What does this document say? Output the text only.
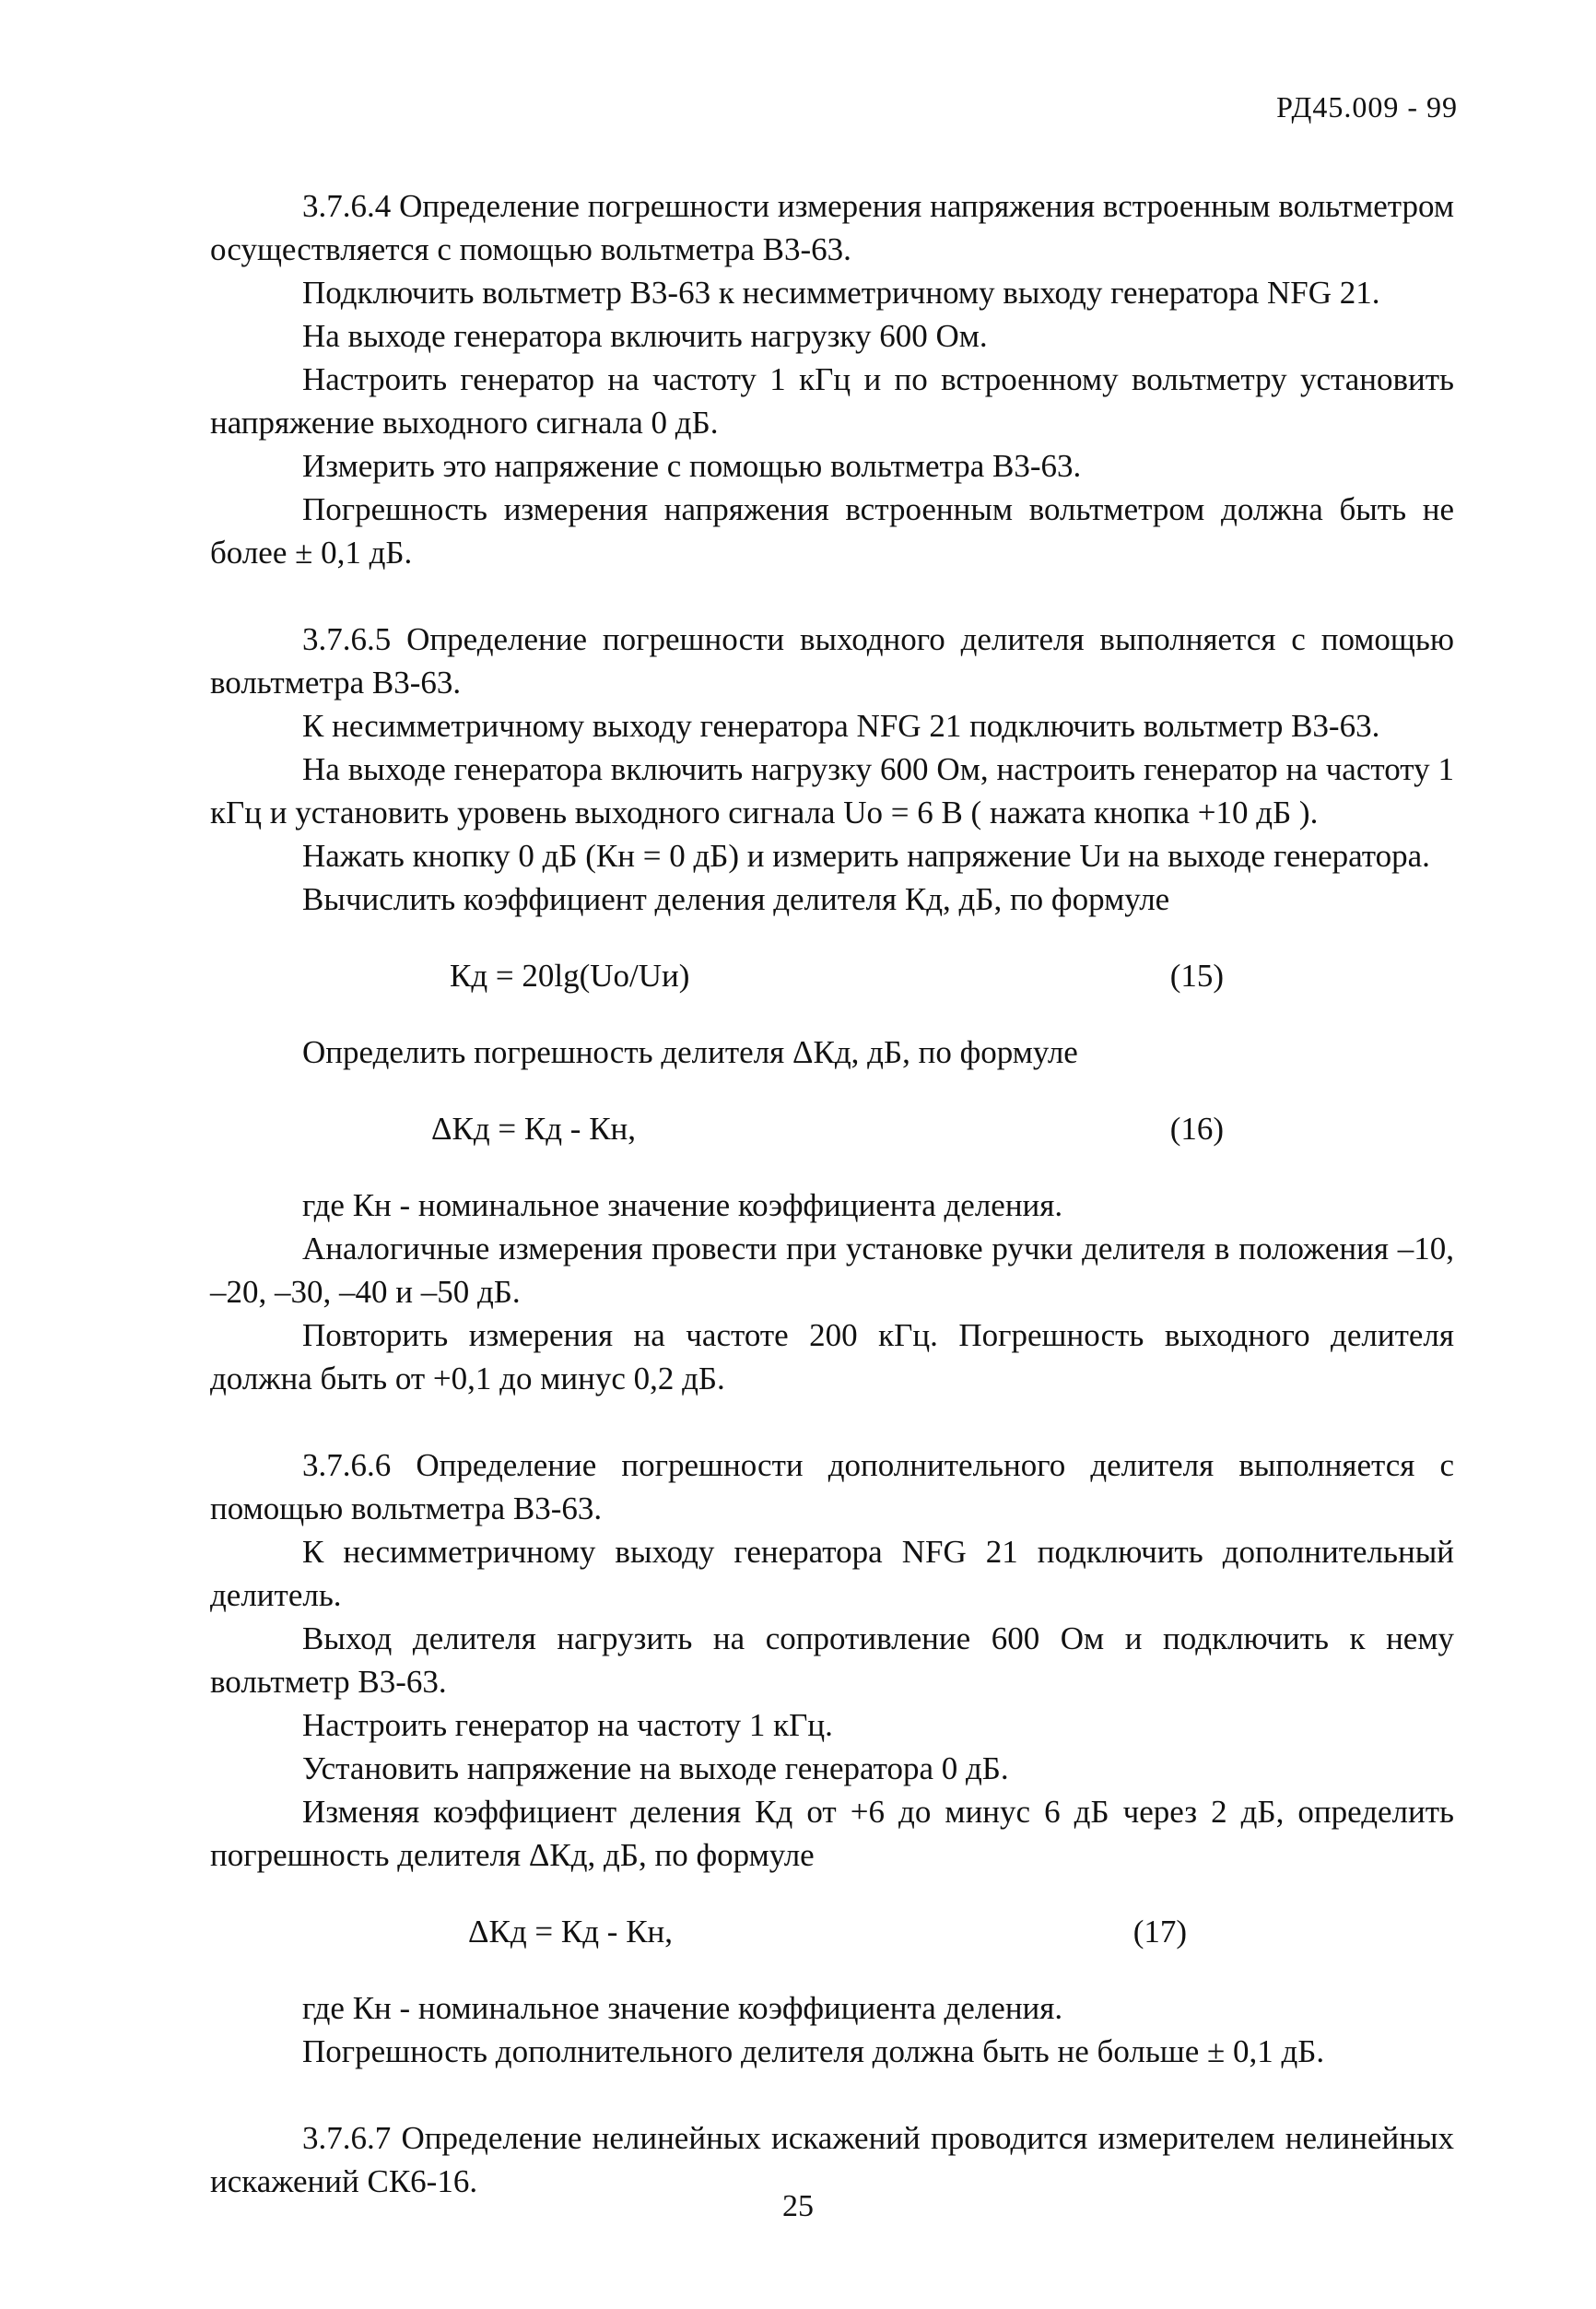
РД45.009 - 99

3.7.6.4 Определение погрешности измерения напряжения встроенным вольтметром осуществляется с помощью вольтметра В3-63.

Подключить вольтметр В3-63 к несимметричному выходу генератора NFG 21.

На выходе генератора включить нагрузку 600 Ом.

Настроить генератор на частоту 1 кГц и по встроенному вольтметру установить напряжение выходного сигнала 0 дБ.

Измерить это напряжение с помощью вольтметра В3-63.

Погрешность измерения напряжения встроенным вольтметром должна быть не более ± 0,1 дБ.

3.7.6.5 Определение погрешности выходного делителя выполняется с помощью вольтметра В3-63.

К несимметричному выходу генератора NFG 21 подключить вольтметр В3-63.

На выходе генератора включить нагрузку 600 Ом, настроить генератор на частоту 1 кГц и установить уровень выходного сигнала Uо = 6 В ( нажата кнопка +10 дБ ).

Нажать кнопку 0 дБ (Кн = 0 дБ) и измерить напряжение Uи на выходе генератора.

Вычислить коэффициент деления делителя Кд, дБ, по формуле

Кд = 20lg(Uо/Uи)	(15)

Определить погрешность делителя ΔКд, дБ, по формуле

ΔКд = Кд - Кн,	(16)

где Кн - номинальное значение коэффициента деления.

Аналогичные измерения провести при установке ручки делителя в положения –10, –20, –30, –40 и –50 дБ.

Повторить измерения на частоте 200 кГц. Погрешность выходного делителя должна быть от +0,1 до минус 0,2 дБ.

3.7.6.6 Определение погрешности дополнительного делителя выполняется с помощью вольтметра В3-63.

К несимметричному выходу генератора NFG 21 подключить дополнительный делитель.

Выход делителя нагрузить на сопротивление 600 Ом и подключить к нему вольтметр В3-63.

Настроить генератор на частоту 1 кГц.

Установить напряжение на выходе генератора 0 дБ.

Изменяя коэффициент деления Кд от +6 до минус 6 дБ через 2 дБ, определить погрешность делителя ΔКд, дБ, по формуле

ΔКд = Кд - Кн,	(17)

где Кн - номинальное значение коэффициента деления.

Погрешность дополнительного делителя должна быть не больше ± 0,1 дБ.

3.7.6.7 Определение нелинейных искажений проводится измерителем нелинейных искажений СК6-16.

25
